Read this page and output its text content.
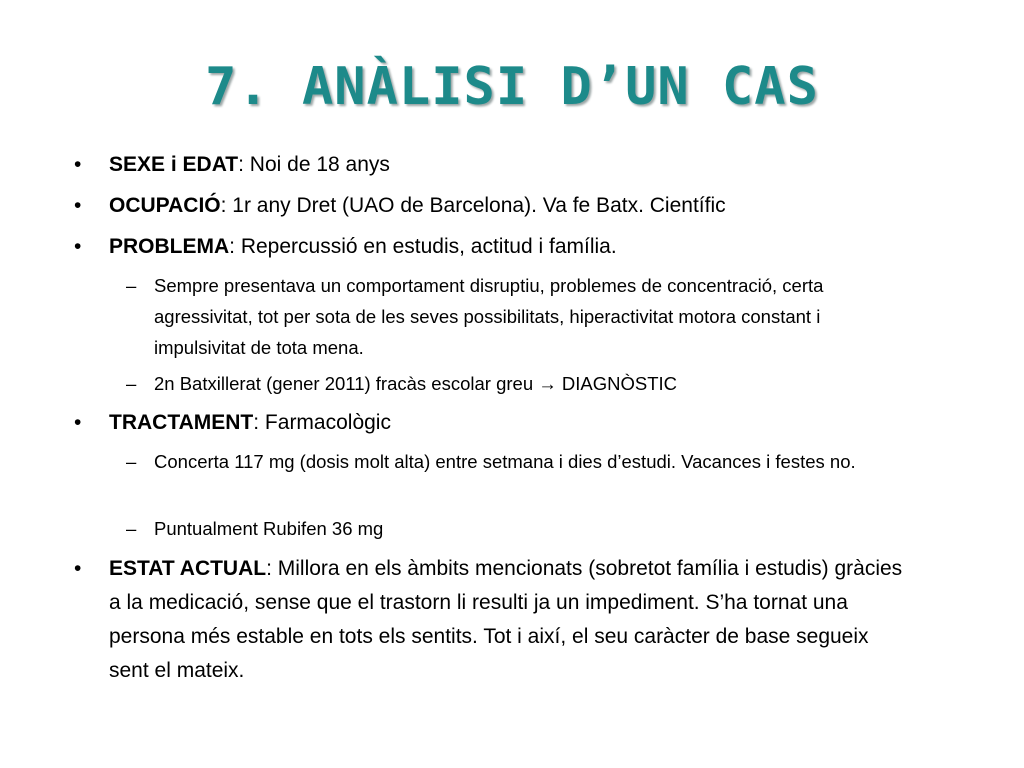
7. ANÀLISI D’UN CAS
•	SEXE i EDAT: Noi de 18 anys
•	OCUPACIÓ: 1r any Dret (UAO de Barcelona). Va fe Batx. Científic
•	PROBLEMA: Repercussió en estudis, actitud i família.
– Sempre presentava un comportament disruptiu, problemes de concentració, certa agressivitat, tot per sota de les seves possibilitats, hiperactivitat motora constant i impulsivitat de tota mena.
– 2n Batxillerat (gener 2011) fracàs escolar greu → DIAGNÒSTIC
•	TRACTAMENT: Farmacològic
– Concerta 117 mg (dosis molt alta) entre setmana i dies d’estudi. Vacances i festes no.
– Puntualment Rubifen 36 mg
•	ESTAT ACTUAL: Millora en els àmbits mencionats (sobretot família i estudis) gràcies a la medicació, sense que el trastorn li resulti ja un impediment. S’ha tornat una persona més estable en tots els sentits. Tot i així, el seu caràcter de base segueix sent el mateix.
